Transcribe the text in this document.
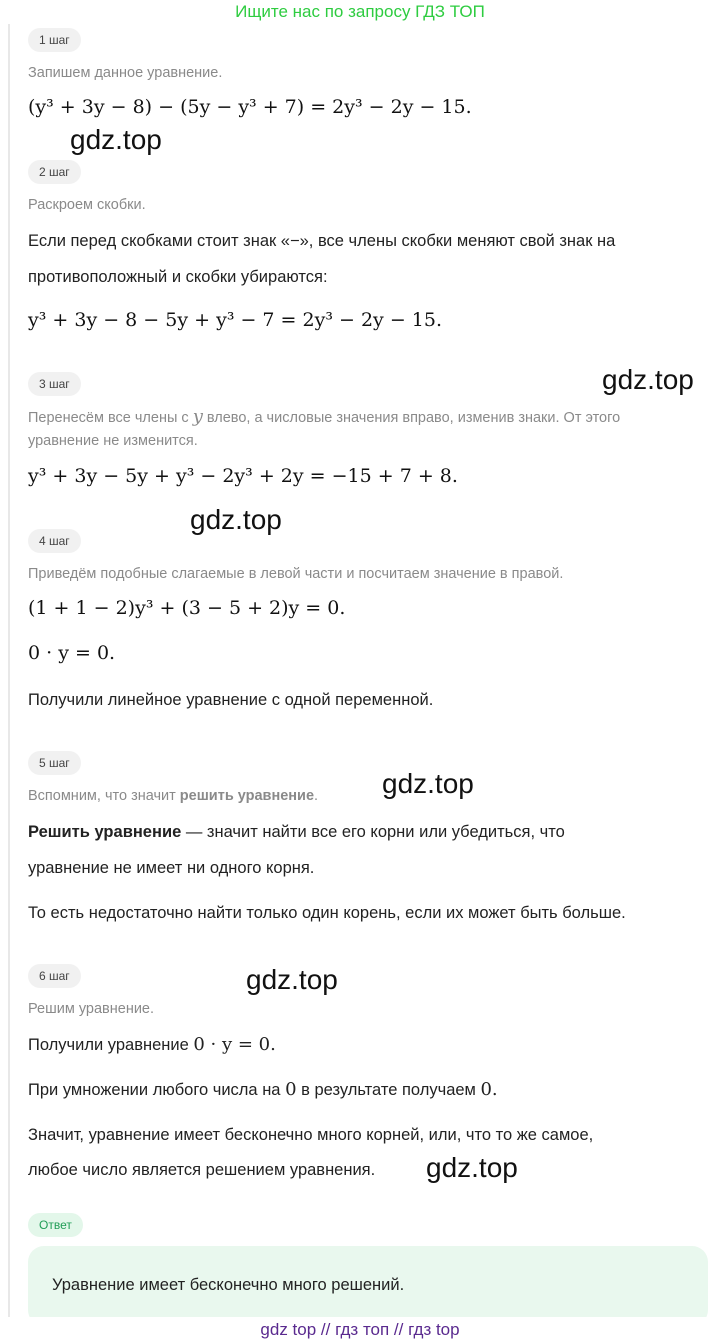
Ищите нас по запросу ГДЗ ТОП
1 шаг
Запишем данное уравнение.
(y³ + 3y − 8) − (5y − y³ + 7) = 2y³ − 2y − 15.
gdz.top
2 шаг
Раскроем скобки.
Если перед скобками стоит знак «−», все члены скобки меняют свой знак на
противоположный и скобки убираются:
y³ + 3y − 8 − 5y + y³ − 7 = 2y³ − 2y − 15.
3 шаг	gdz.top
Перенесём все члены с y влево, а числовые значения вправо, изменив знаки. От этого
уравнение не изменится.
y³ + 3y − 5y + y³ − 2y³ + 2y = −15 + 7 + 8.
gdz.top
4 шаг
Приведём подобные слагаемые в левой части и посчитаем значение в правой.
(1 + 1 − 2)y³ + (3 − 5 + 2)y = 0.
0 · y = 0.
Получили линейное уравнение с одной переменной.
5 шаг
gdz.top
Вспомним, что значит решить уравнение.
Решить уравнение — значит найти все его корни или убедиться, что
уравнение не имеет ни одного корня.
То есть недостаточно найти только один корень, если их может быть больше.
6 шаг	gdz.top
Решим уравнение.
Получили уравнение 0 · y = 0.
При умножении любого числа на 0 в результате получаем 0.
Значит, уравнение имеет бесконечно много корней, или, что то же самое,
любое число является решением уравнения. gdz.top
Ответ
Уравнение имеет бесконечно много решений.
gdz top // гдз топ // гдз top
